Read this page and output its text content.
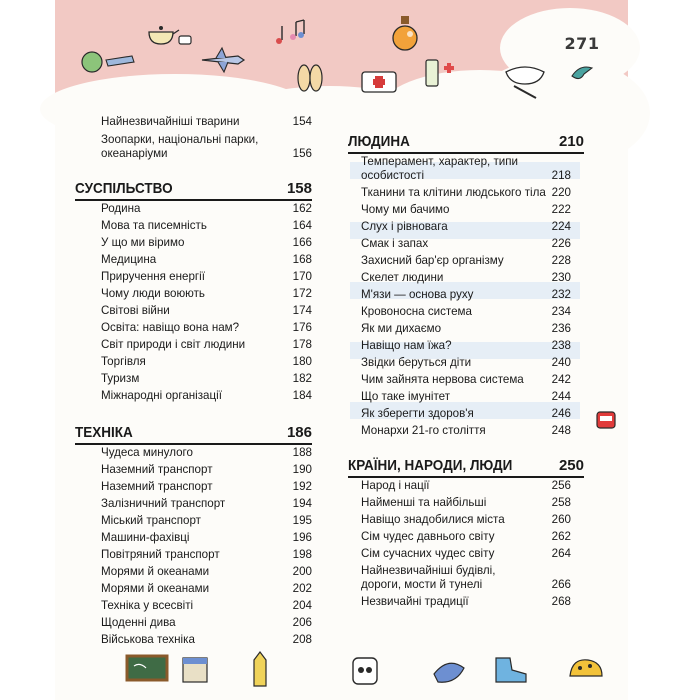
271
Найнезвичайніші тварини	154
Зоопарки, національні парки,
океанаріуми	156
СУСПІЛЬСТВО	158
Родина	162
Мова та писемність	164
У що ми віримо	166
Медицина	168
Приручення енергії	170
Чому люди воюють	172
Світові війни	174
Освіта: навіщо вона нам?	176
Світ природи і світ людини	178
Торгівля	180
Туризм	182
Міжнародні організації	184
ТЕХНІКА	186
Чудеса минулого	188
Наземний транспорт	190
Наземний транспорт	192
Залізничний транспорт	194
Міський транспорт	195
Машини-фахівці	196
Повітряний транспорт	198
Морями й океанами	200
Морями й океанами	202
Техніка у всесвіті	204
Щоденні дива	206
Військова техніка	208
ЛЮДИНА	210
Темперамент, характер, типи
особистості	218
Тканини та клітини людського тіла 220
Чому ми бачимо	222
Слух і рівновага	224
Смак і запах	226
Захисний бар'єр організму	228
Скелет людини	230
М'язи — основа руху	232
Кровоносна система	234
Як ми дихаємо	236
Навіщо нам їжа?	238
Звідки беруться діти	240
Чим зайнята нервова система 242
Що таке імунітет	244
Як зберегти здоров'я	246
Монархи 21-го століття	248
КРАЇНИ, НАРОДИ, ЛЮДИ	250
Народ і нації	256
Найменші та найбільші	258
Навіщо знадобилися міста	260
Сім чудес давнього світу	262
Сім сучасних чудес світу	264
Найнезвичайніші будівлі,
дороги, мости й тунелі	266
Незвичайні традиції	268
